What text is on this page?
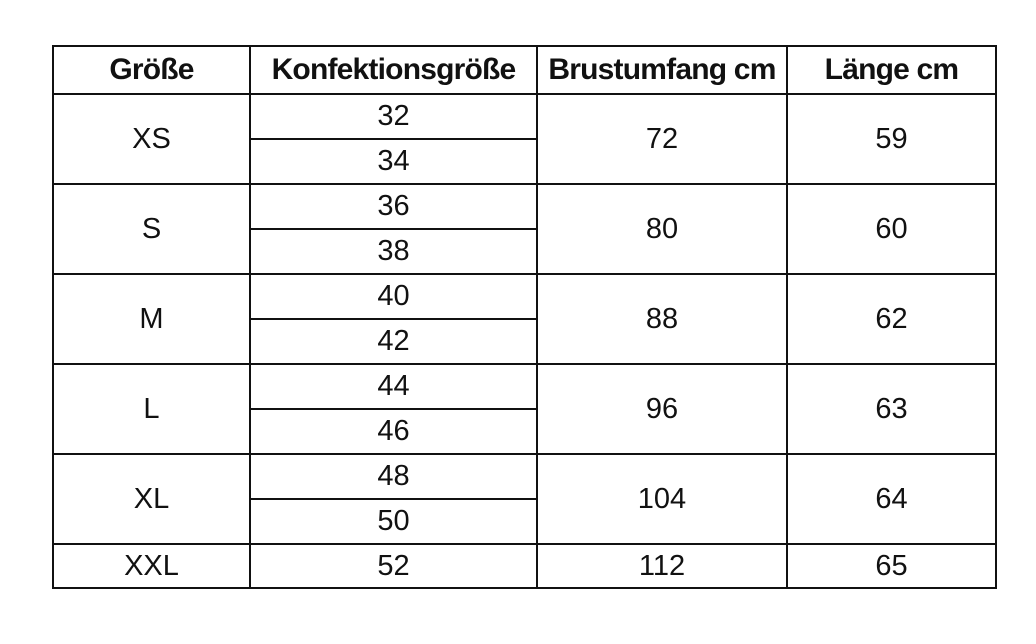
Größe	Konfektionsgröße	Brustumfang cm	Länge cm
XS	32	72	59
	34		
S	36	80	60
	38		
M	40	88	62
	42		
L	44	96	63
	46		
XL	48	104	64
	50		
XXL	52	112	65
